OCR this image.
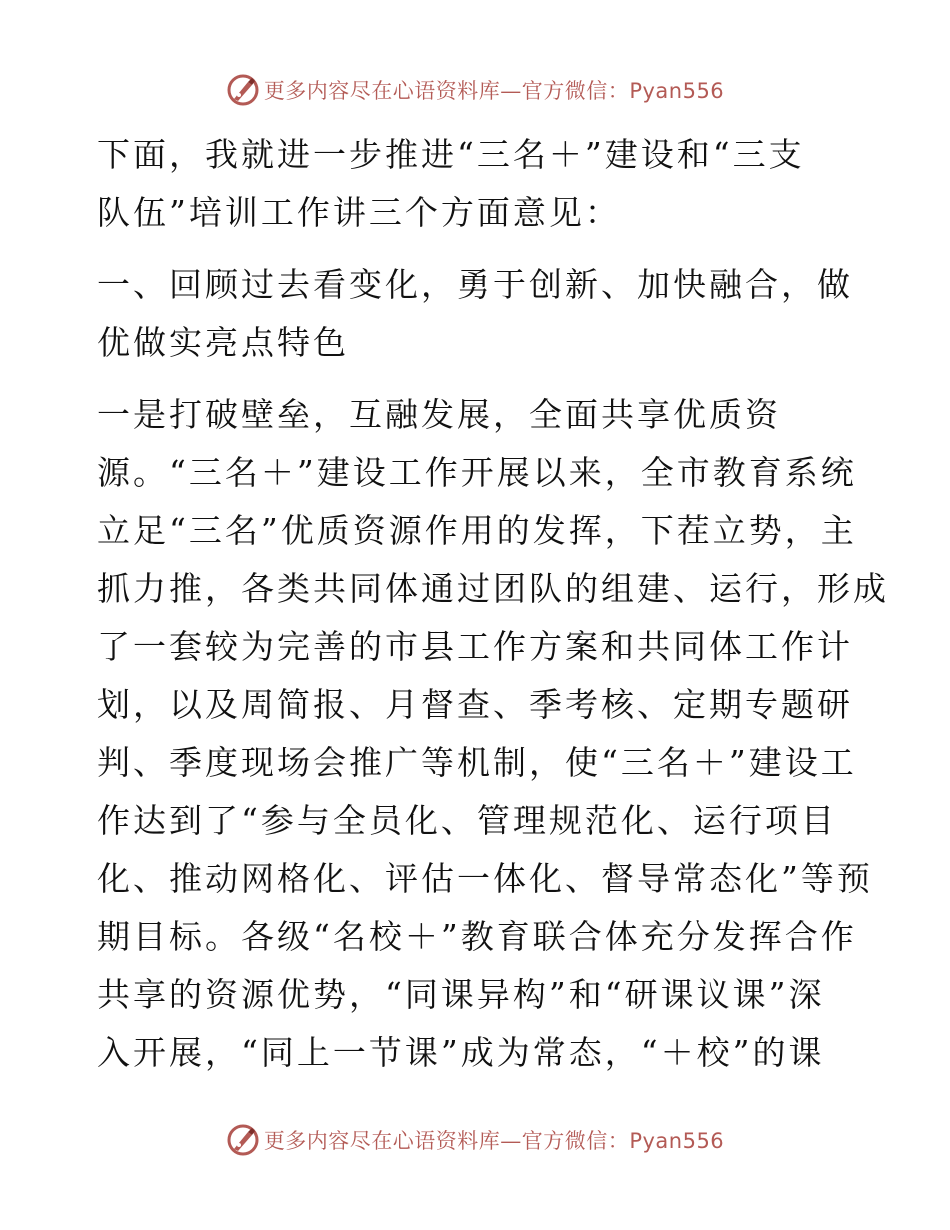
更多内容尽在心语资料库—官方微信：Pyan556

下面，我就进一步推进“三名＋”建设和“三支
队伍”培训工作讲三个方面意见：

一、回顾过去看变化，勇于创新、加快融合，做
优做实亮点特色

一是打破壁垒，互融发展，全面共享优质资
源。“三名＋”建设工作开展以来，全市教育系统
立足“三名”优质资源作用的发挥，下茬立势，主
抓力推，各类共同体通过团队的组建、运行，形成
了一套较为完善的市县工作方案和共同体工作计
划，以及周简报、月督查、季考核、定期专题研
判、季度现场会推广等机制，使“三名＋”建设工
作达到了“参与全员化、管理规范化、运行项目
化、推动网格化、评估一体化、督导常态化”等预
期目标。各级“名校＋”教育联合体充分发挥合作
共享的资源优势，“同课异构”和“研课议课”深
入开展，“同上一节课”成为常态，“＋校”的课

更多内容尽在心语资料库—官方微信：Pyan556
